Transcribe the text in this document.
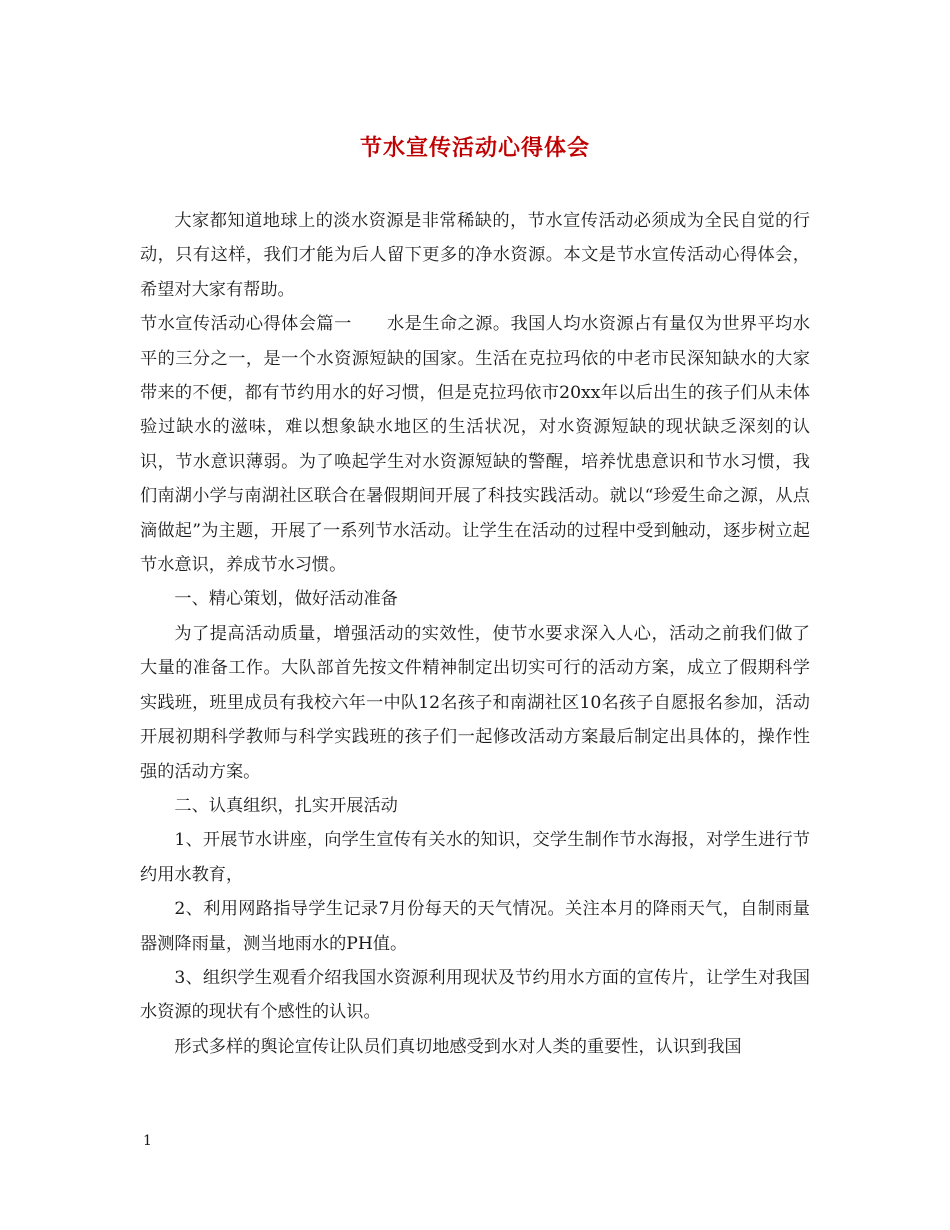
节水宣传活动心得体会

大家都知道地球上的淡水资源是非常稀缺的，节水宣传活动必须成为全民自觉的行动，只有这样，我们才能为后人留下更多的净水资源。本文是节水宣传活动心得体会，希望对大家有帮助。

节水宣传活动心得体会篇一　　水是生命之源。我国人均水资源占有量仅为世界平均水平的三分之一，是一个水资源短缺的国家。生活在克拉玛依的中老市民深知缺水的大家带来的不便，都有节约用水的好习惯，但是克拉玛依市20xx年以后出生的孩子们从未体验过缺水的滋味，难以想象缺水地区的生活状况，对水资源短缺的现状缺乏深刻的认识，节水意识薄弱。为了唤起学生对水资源短缺的警醒，培养忧患意识和节水习惯，我们南湖小学与南湖社区联合在暑假期间开展了科技实践活动。就以“珍爱生命之源，从点滴做起”为主题，开展了一系列节水活动。让学生在活动的过程中受到触动，逐步树立起节水意识，养成节水习惯。

一、精心策划，做好活动准备

为了提高活动质量，增强活动的实效性，使节水要求深入人心，活动之前我们做了大量的准备工作。大队部首先按文件精神制定出切实可行的活动方案，成立了假期科学实践班，班里成员有我校六年一中队12名孩子和南湖社区10名孩子自愿报名参加，活动开展初期科学教师与科学实践班的孩子们一起修改活动方案最后制定出具体的，操作性强的活动方案。

二、认真组织，扎实开展活动

1、开展节水讲座，向学生宣传有关水的知识，交学生制作节水海报，对学生进行节约用水教育，

2、利用网路指导学生记录7月份每天的天气情况。关注本月的降雨天气，自制雨量器测降雨量，测当地雨水的PH值。

3、组织学生观看介绍我国水资源利用现状及节约用水方面的宣传片，让学生对我国水资源的现状有个感性的认识。

形式多样的舆论宣传让队员们真切地感受到水对人类的重要性，认识到我国

1
